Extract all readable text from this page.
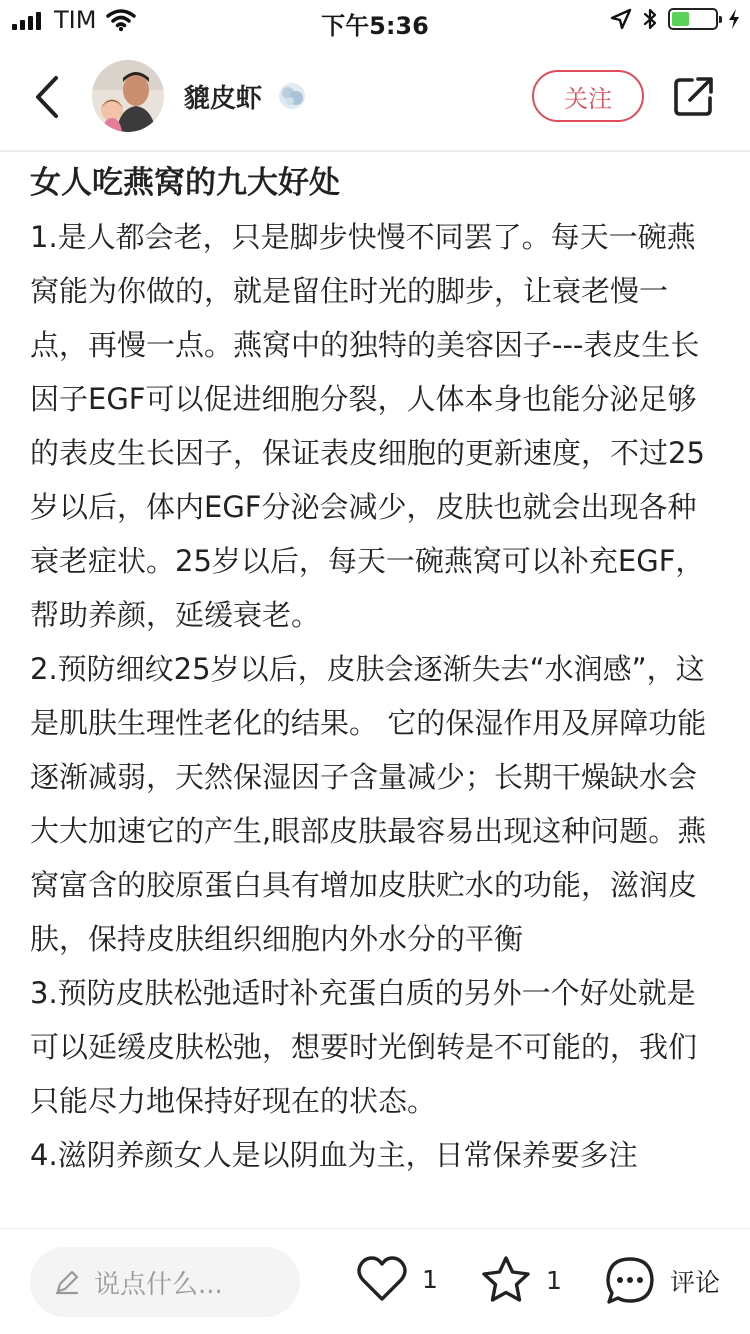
TIM	下午5:36
貔皮虾	关注
女人吃燕窝的九大好处

1.是人都会老，只是脚步快慢不同罢了。每天一碗燕窝能为你做的，就是留住时光的脚步，让衰老慢一点，再慢一点。燕窝中的独特的美容因子---表皮生长因子EGF可以促进细胞分裂，人体本身也能分泌足够的表皮生长因子，保证表皮细胞的更新速度，不过25岁以后，体内EGF分泌会减少，皮肤也就会出现各种衰老症状。25岁以后，每天一碗燕窝可以补充EGF，帮助养颜，延缓衰老。

2.预防细纹25岁以后，皮肤会逐渐失去“水润感”，这是肌肤生理性老化的结果。 它的保湿作用及屏障功能逐渐减弱，天然保湿因子含量减少；长期干燥缺水会大大加速它的产生,眼部皮肤最容易出现这种问题。燕窝富含的胶原蛋白具有增加皮肤贮水的功能，滋润皮肤，保持皮肤组织细胞内外水分的平衡

3.预防皮肤松弛适时补充蛋白质的另外一个好处就是可以延缓皮肤松弛，想要时光倒转是不可能的，我们只能尽力地保持好现在的状态。

4.滋阴养颜女人是以阴血为主，日常保养要多注

说点什么...	1	1	评论
